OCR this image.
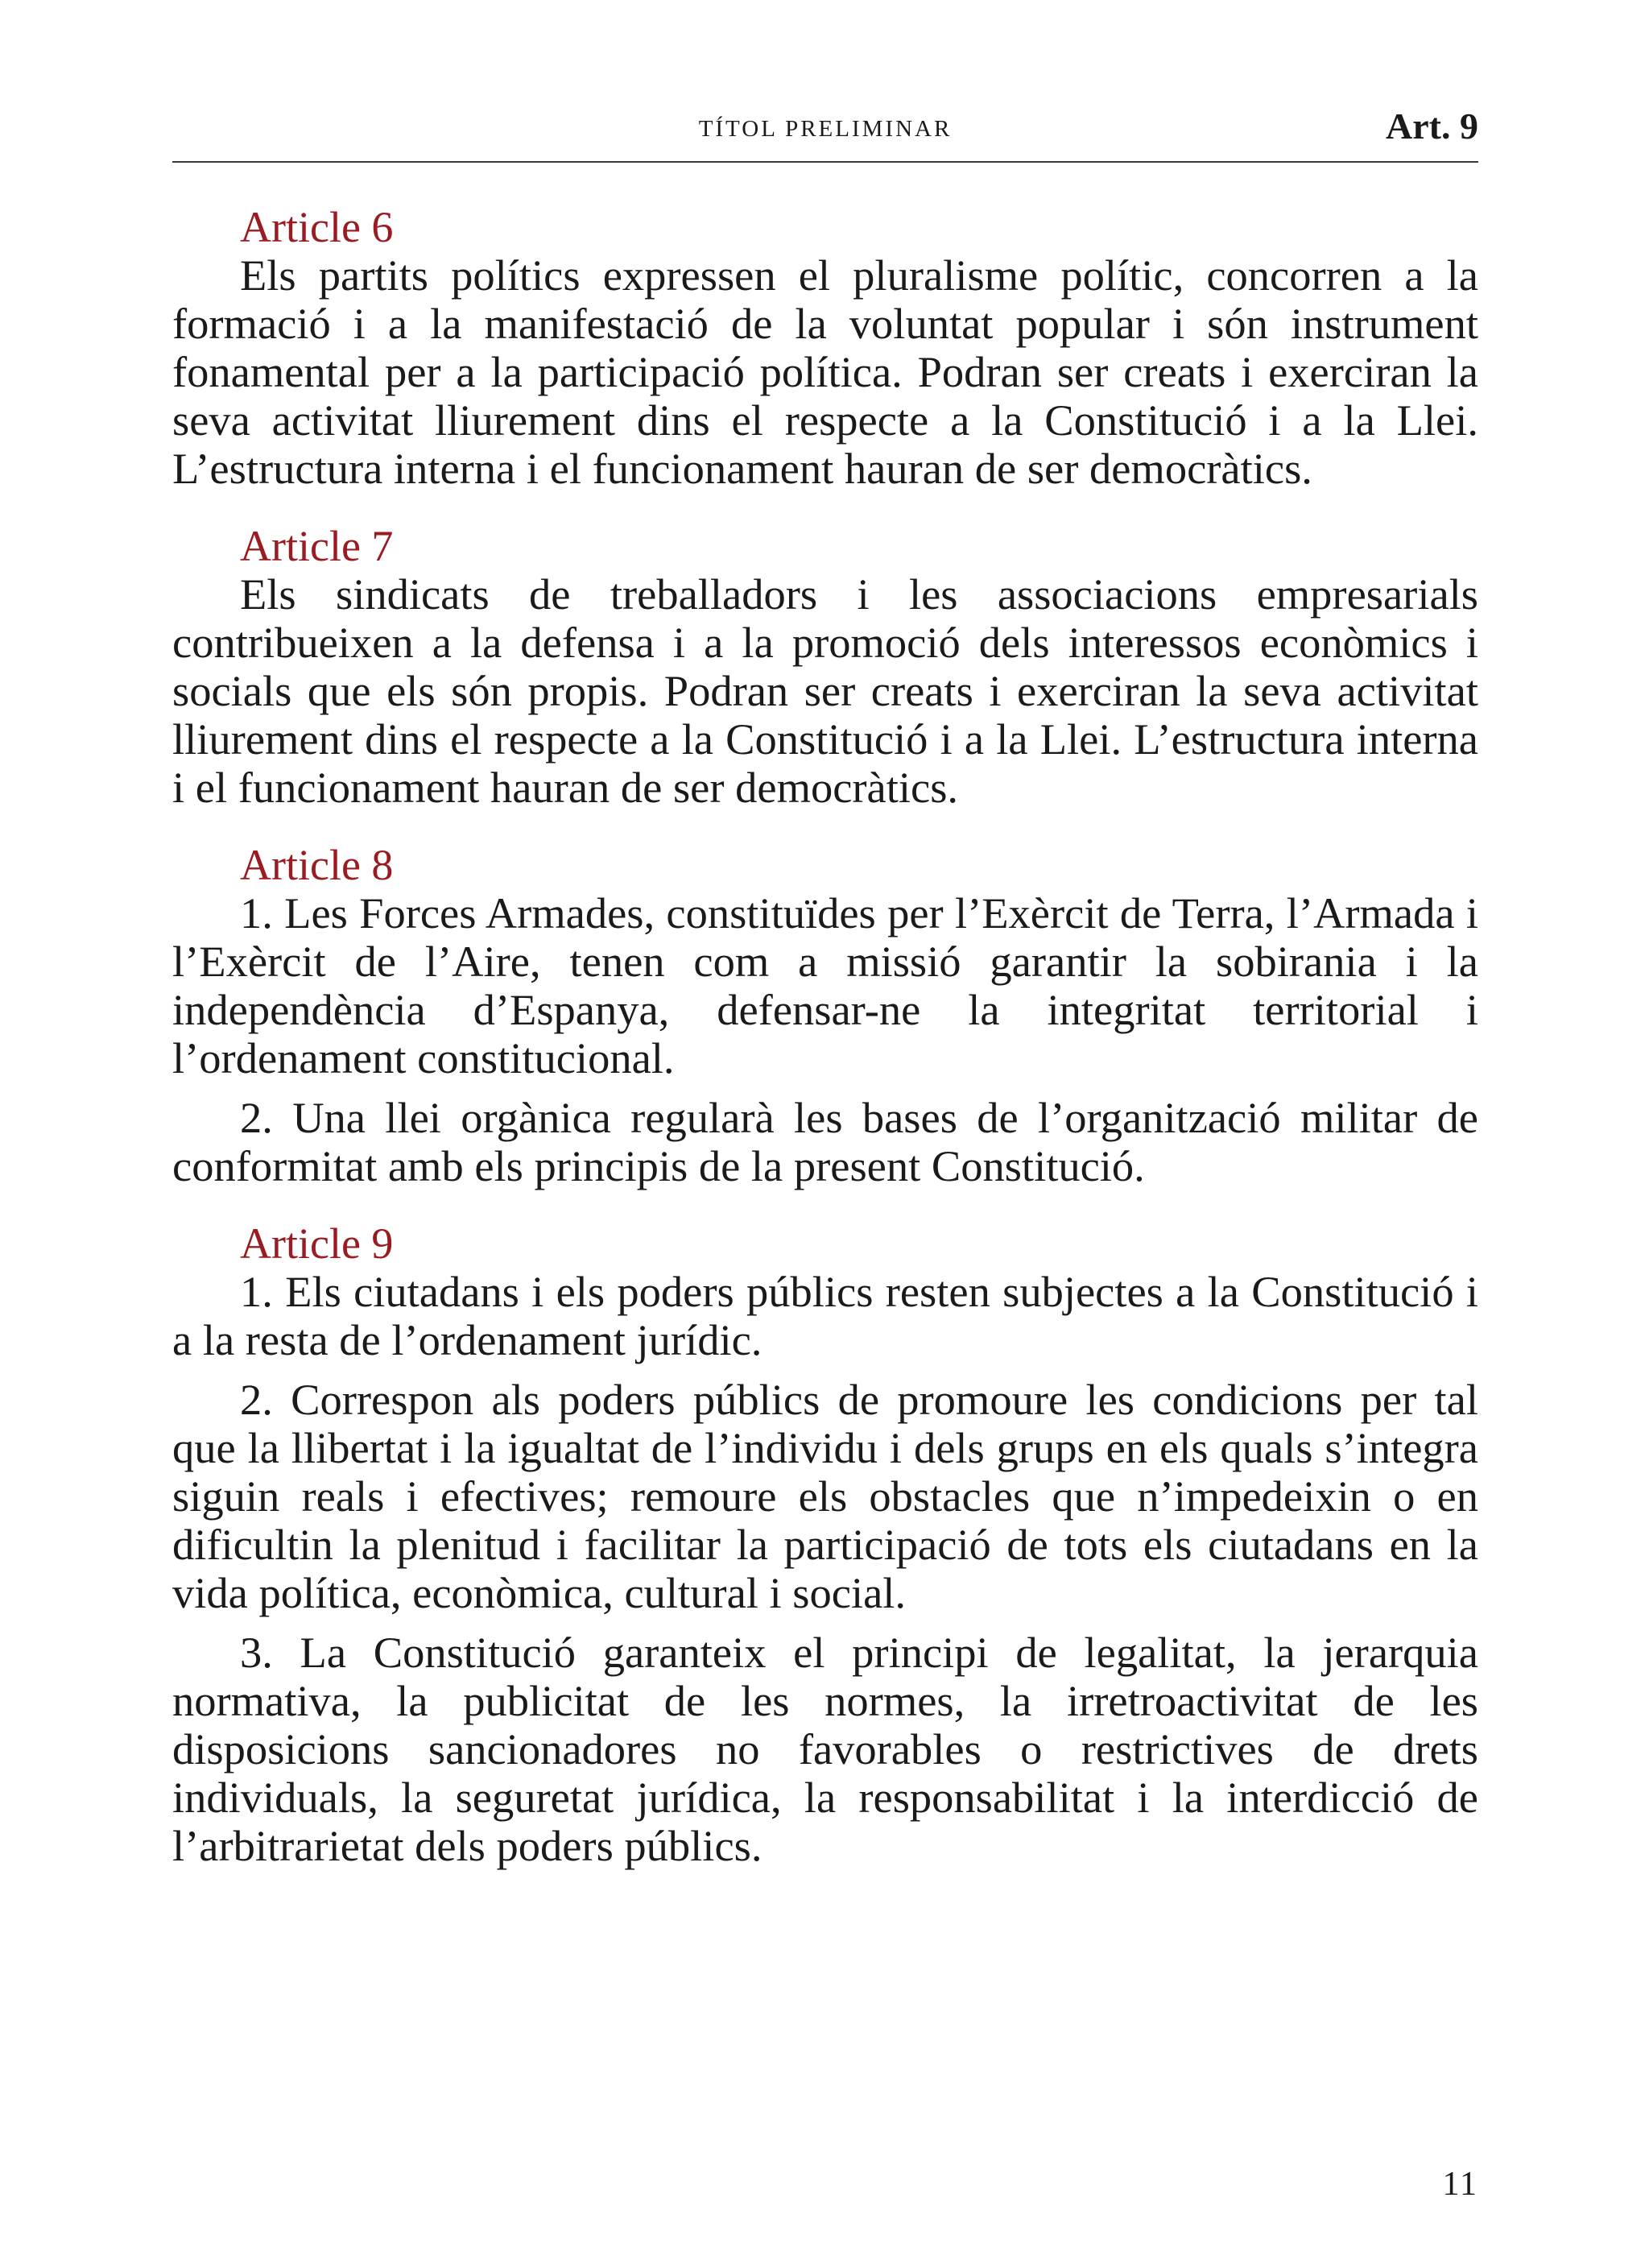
TÍTOL PRELIMINAR	Art. 9
Article 6

Els partits polítics expressen el pluralisme polític, concorren a la formació i a la manifestació de la voluntat popular i són instrument fonamental per a la participació política. Podran ser creats i exerciran la seva activitat lliurement dins el respecte a la Constitució i a la Llei. L’estructura interna i el funcionament hauran de ser democràtics.

Article 7

Els sindicats de treballadors i les associacions empresarials contribueixen a la defensa i a la promoció dels interessos econòmics i socials que els són propis. Podran ser creats i exerciran la seva activitat lliurement dins el respecte a la Constitució i a la Llei. L’estructura interna i el funcionament hauran de ser democràtics.

Article 8

1. Les Forces Armades, constituïdes per l’Exèrcit de Terra, l’Armada i l’Exèrcit de l’Aire, tenen com a missió garantir la sobirania i la independència d’Espanya, defensar-ne la integritat territorial i l’ordenament constitucional.

2. Una llei orgànica regularà les bases de l’organització militar de conformitat amb els principis de la present Constitució.

Article 9

1. Els ciutadans i els poders públics resten subjectes a la Constitució i a la resta de l’ordenament jurídic.

2. Correspon als poders públics de promoure les condicions per tal que la llibertat i la igualtat de l’individu i dels grups en els quals s’integra siguin reals i efectives; remoure els obstacles que n’impedeixin o en dificultin la plenitud i facilitar la participació de tots els ciutadans en la vida política, econòmica, cultural i social.

3. La Constitució garanteix el principi de legalitat, la jerarquia normativa, la publicitat de les normes, la irretroactivitat de les disposicions sancionadores no favorables o restrictives de drets individuals, la seguretat jurídica, la responsabilitat i la interdicció de l’arbitrarietat dels poders públics.

11
